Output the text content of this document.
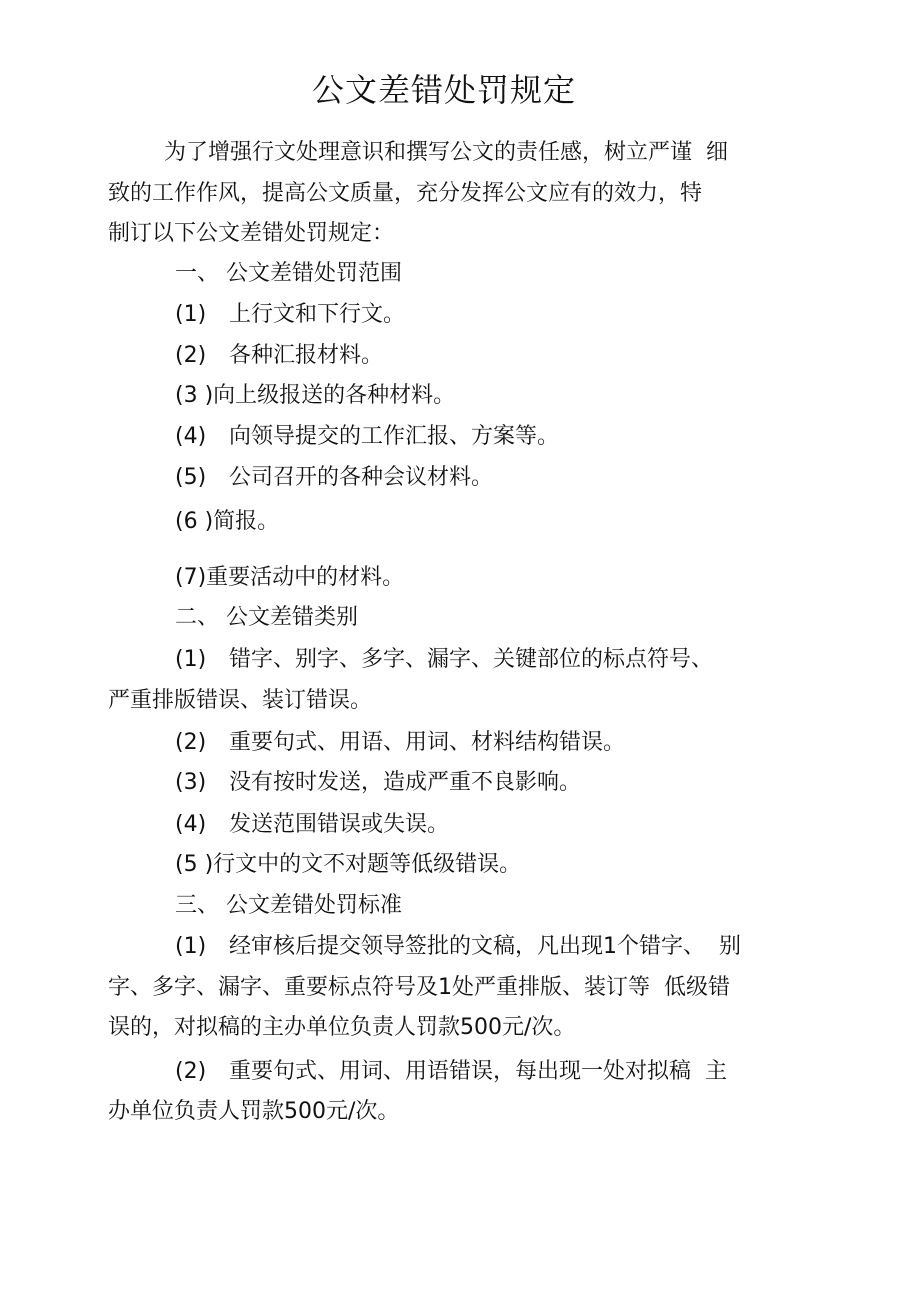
公文差错处罚规定

为了增强行文处理意识和撰写公文的责任感，树立严谨  细

致的工作作风，提高公文质量，充分发挥公文应有的效力，特

制订以下公文差错处罚规定：

一、 公文差错处罚范围

(1) 上行文和下行文。

(2) 各种汇报材料。

(3 )向上级报送的各种材料。

(4) 向领导提交的工作汇报、方案等。

(5) 公司召开的各种会议材料。

(6 )简报。

(7)重要活动中的材料。

二、 公文差错类别

(1) 错字、别字、多字、漏字、关键部位的标点符号、

严重排版错误、装订错误。

(2) 重要句式、用语、用词、材料结构错误。

(3) 没有按时发送，造成严重不良影响。

(4) 发送范围错误或失误。

(5 )行文中的文不对题等低级错误。

三、 公文差错处罚标准

(1) 经审核后提交领导签批的文稿，凡出现1个错字、  别

字、多字、漏字、重要标点符号及1处严重排版、装订等  低级错

误的，对拟稿的主办单位负责人罚款500元/次。

(2) 重要句式、用词、用语错误，每出现一处对拟稿  主

办单位负责人罚款500元/次。
